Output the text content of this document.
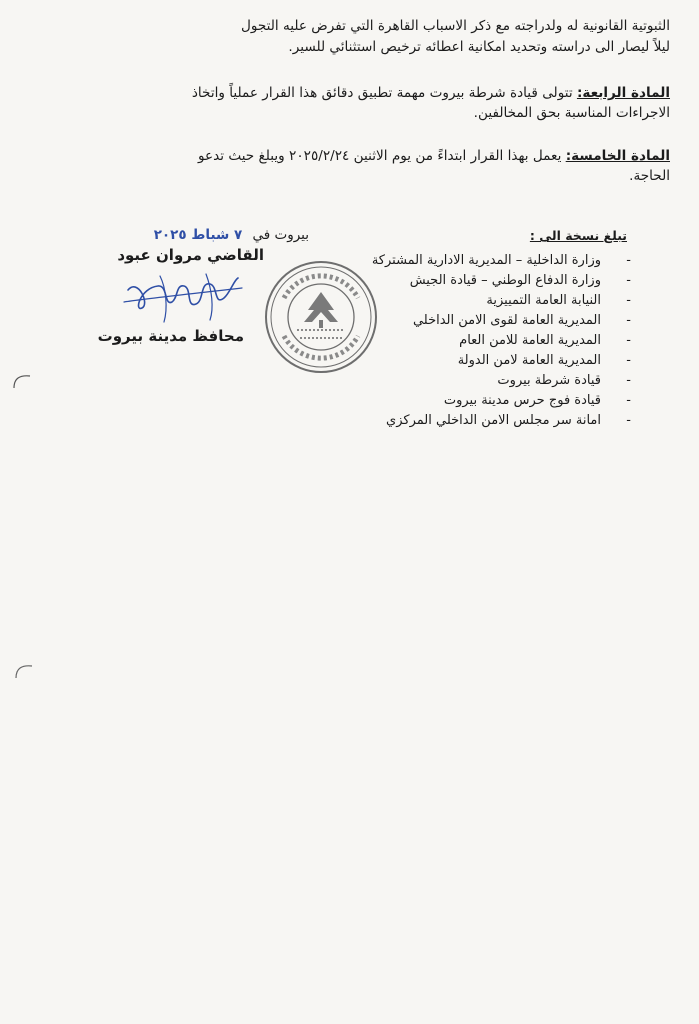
الثبوتية القانونية له ولدراجته مع ذكر الاسباب القاهرة التي تفرض عليه التجول
ليلاً ليصار الى دراسته وتحديد امكانية اعطائه ترخيص استثنائي للسير.
المادة الرابعة: تتولى قيادة شرطة بيروت مهمة تطبيق دقائق هذا القرار عملياً واتخاذ
الاجراءات المناسبة بحق المخالفين.
المادة الخامسة: يعمل بهذا القرار ابتداءً من يوم الاثنين ٢٠٢٥/٢/٢٤ ويبلغ حيث تدعو
الحاجة.
تبلغ نسخة الى :
-
وزارة الداخلية – المديرية الادارية المشتركة
-
وزارة الدفاع الوطني – قيادة الجيش
-
النيابة العامة التمييزية
-
المديرية العامة لقوى الامن الداخلي
-
المديرية العامة للامن العام
-
المديرية العامة لامن الدولة
-
قيادة شرطة بيروت
-
قيادة فوج حرس مدينة بيروت
-
امانة سر مجلس الامن الداخلي المركزي
بيروت في ٧ شباط ٢٠٢٥
القاضي مروان عبود
محافظ مدينة بيروت
